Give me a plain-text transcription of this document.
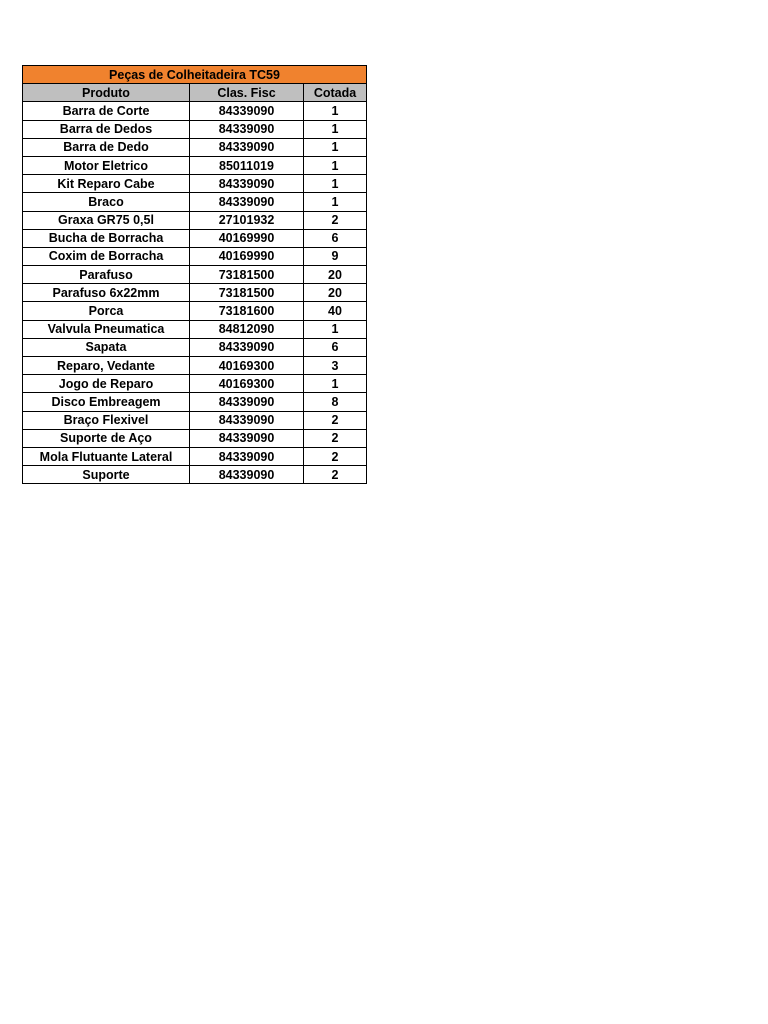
Peças de Colheitadeira TC59		
Produto	Clas. Fisc	Cotada
Barra de Corte	84339090	1
Barra de Dedos	84339090	1
Barra de Dedo	84339090	1
Motor Eletrico	85011019	1
Kit Reparo Cabe	84339090	1
Braco	84339090	1
Graxa GR75 0,5l	27101932	2
Bucha de Borracha	40169990	6
Coxim de Borracha	40169990	9
Parafuso	73181500	20
Parafuso 6x22mm	73181500	20
Porca	73181600	40
Valvula Pneumatica	84812090	1
Sapata	84339090	6
Reparo, Vedante	40169300	3
Jogo de Reparo	40169300	1
Disco Embreagem	84339090	8
Braço Flexivel	84339090	2
Suporte de Aço	84339090	2
Mola Flutuante Lateral	84339090	2
Suporte	84339090	2
